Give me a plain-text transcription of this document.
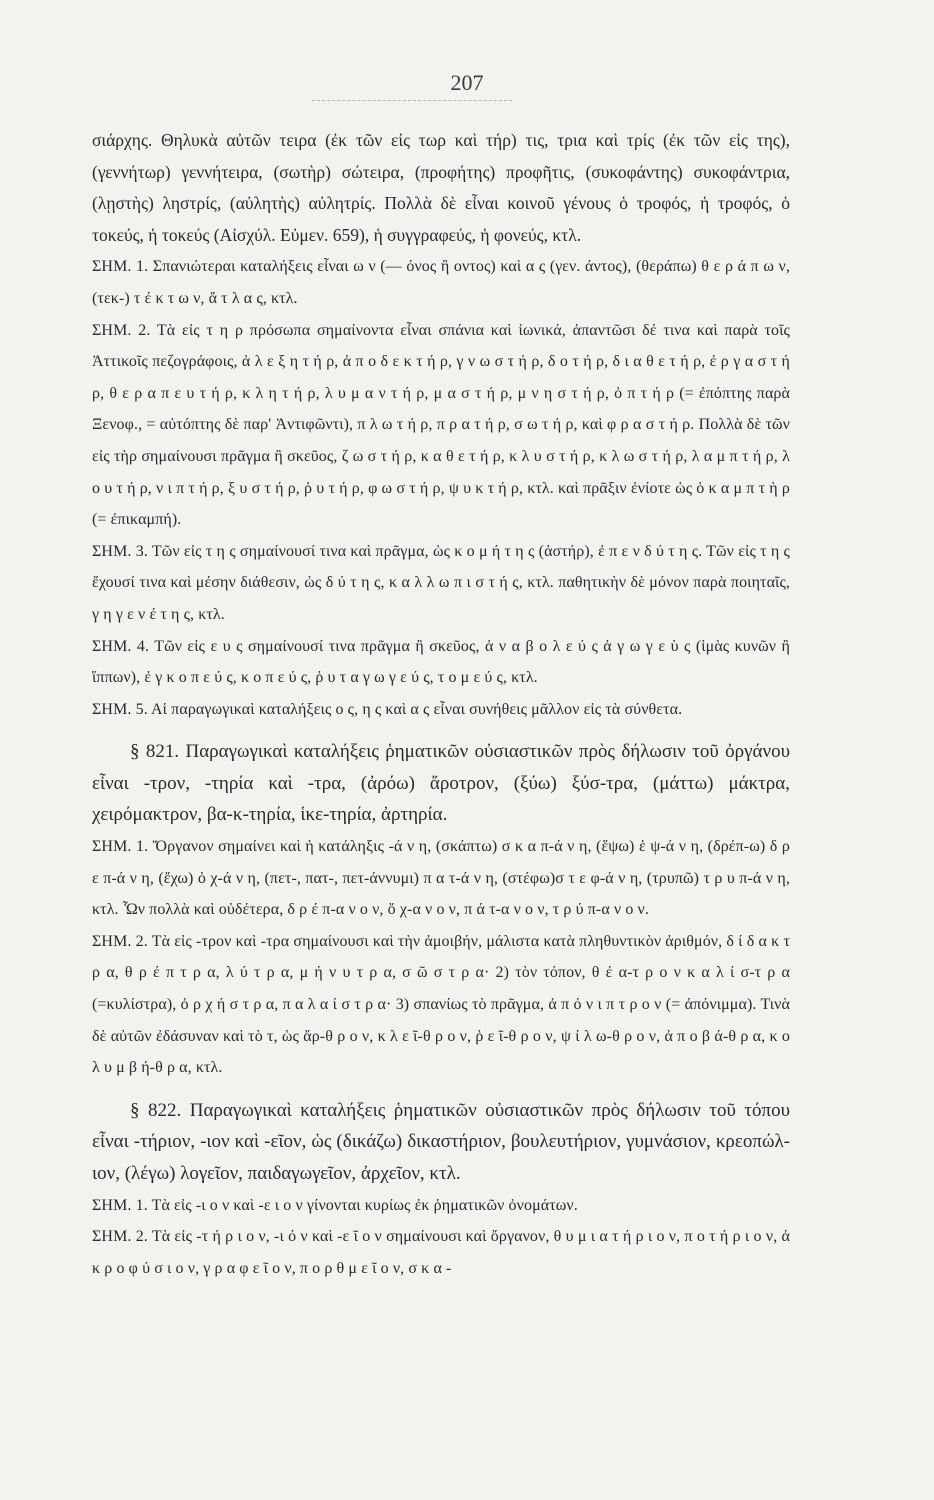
207

σιάρχης. Θηλυκὰ αὐτῶν τειρα (ἐκ τῶν εἰς τωρ καὶ τήρ) τις, τρια καὶ τρίς (ἐκ τῶν εἰς της), (γεννήτωρ) γεννήτειρα, (σωτὴρ) σώτειρα, (προφήτης) προφῆτις, (συκοφάντης) συκοφάντρια, (λῃστὴς) ληστρίς, (αὐλητὴς) αὐλητρίς. Πολλὰ δὲ εἶναι κοινοῦ γένους ὁ τροφός, ἡ τροφός, ὁ τοκεύς, ἡ τοκεύς (Αἰσχύλ. Εὐμεν. 659), ἡ συγγραφεύς, ἡ φονεύς, κτλ.

ΣΗΜ. 1. Σπανιώτεραι καταλήξεις εἶναι ω ν (— όνος ἢ οντος) καὶ α ς (γεν. άντος), (θεράπω) θ ε ρ ά π ω ν, (τεκ-) τ έ κ τ ω ν, ἄ τ λ α ς, κτλ.

ΣΗΜ. 2. Τὰ εἰς τ η ρ πρόσωπα σημαίνοντα εἶναι σπάνια καὶ ἰωνικά, ἀπαντῶσι δέ τινα καὶ παρὰ τοῖς Ἀττικοῖς πεζογράφοις, ἀ λ ε ξ η τ ή ρ, ἀ π ο δ ε κ τ ή ρ, γ ν ω σ τ ή ρ, δ ο τ ή ρ, δ ι α θ ε τ ή ρ, ἐ ρ γ α σ τ ή ρ, θ ε ρ α π ε υ τ ή ρ, κ λ η τ ή ρ, λ υ μ α ν τ ή ρ, μ α σ τ ή ρ, μ ν η σ τ ή ρ, ὀ π τ ή ρ (= ἐπόπτης παρὰ Ξενοφ., = αὐτόπτης δὲ παρ' Ἀντιφῶντι), π λ ω τ ή ρ, π ρ α τ ή ρ, σ ω τ ή ρ, καὶ φ ρ α σ τ ή ρ. Πολλὰ δὲ τῶν εἰς τὴρ σημαίνουσι πρᾶγμα ἢ σκεῦος, ζ ω σ τ ή ρ, κ α θ ε τ ή ρ, κ λ υ σ τ ή ρ, κ λ ω σ τ ή ρ, λ α μ π τ ή ρ, λ ο υ τ ή ρ, ν ι π τ ή ρ, ξ υ σ τ ή ρ, ῥ υ τ ή ρ, φ ω σ τ ή ρ, ψ υ κ τ ή ρ, κτλ. καὶ πρᾶξιν ἐνίοτε ὡς ὁ κ α μ π τ ὴ ρ (= ἐπικαμπή).

ΣΗΜ. 3. Τῶν εἰς τ η ς σημαίνουσί τινα καὶ πρᾶγμα, ὡς κ ο μ ή τ η ς (ἀστήρ), ἐ π ε ν δ ύ τ η ς. Τῶν εἰς τ η ς ἔχουσί τινα καὶ μέσην διάθεσιν, ὡς δ ύ τ η ς, κ α λ λ ω π ι σ τ ή ς, κτλ. παθητικὴν δὲ μόνον παρὰ ποιηταῖς, γ η γ ε ν έ τ η ς, κτλ.

ΣΗΜ. 4. Τῶν εἰς ε υ ς σημαίνουσί τινα πρᾶγμα ἢ σκεῦος, ἀ ν α β ο λ ε ύ ς ἀ γ ω γ ε ὺ ς (ἱμὰς κυνῶν ἢ ἵππων), ἐ γ κ ο π ε ύ ς, κ ο π ε ύ ς, ῥ υ τ α γ ω γ ε ύ ς, τ ο μ ε ύ ς, κτλ.

ΣΗΜ. 5. Αἱ παραγωγικαὶ καταλήξεις ο ς, η ς καὶ α ς εἶναι συνήθεις μᾶλλον εἰς τὰ σύνθετα.

§ 821. Παραγωγικαὶ καταλήξεις ῥηματικῶν οὐσιαστικῶν πρὸς δήλωσιν τοῦ ὀργάνου εἶναι -τρον, -τηρία καὶ -τρα, (ἀρόω) ἄροτρον, (ξύω) ξύσ-τρα, (μάττω) μάκτρα, χειρόμακτρον, βα-κ-τηρία, ἱκε-τηρία, ἀρτηρία.

ΣΗΜ. 1. Ὄργανον σημαίνει καὶ ἡ κατάληξις -ά ν η, (σκάπτω) σ κ α π-ά ν η, (ἕψω) ἑ ψ-ά ν η, (δρέπ-ω) δ ρ ε π-ά ν η, (ἔχω) ὀ χ-ά ν η, (πετ-, πατ-, πετ-άννυμι) π α τ-ά ν η, (στέφω)σ τ ε φ-ά ν η, (τρυπῶ) τ ρ υ π-ά ν η, κτλ. Ὧν πολλὰ καὶ οὐδέτερα, δ ρ έ π-α ν ο ν, ὄ χ-α ν ο ν, π ά τ-α ν ο ν, τ ρ ύ π-α ν ο ν.

ΣΗΜ. 2. Τὰ εἰς -τρον καὶ -τρα σημαίνουσι καὶ τὴν ἀμοιβήν, μάλιστα κατὰ πληθυντικὸν ἀριθμόν, δ ί δ α κ τ ρ α, θ ρ έ π τ ρ α, λ ύ τ ρ α, μ ή ν υ τ ρ α, σ ῶ σ τ ρ α· 2) τὸν τόπον, θ έ α-τ ρ ο ν κ α λ ί σ-τ ρ α (=κυλίστρα), ὀ ρ χ ή σ τ ρ α, π α λ α ί σ τ ρ α· 3) σπανίως τὸ πρᾶγμα, ἀ π ό ν ι π τ ρ ο ν (= ἀπόνιμμα). Τινὰ δὲ αὐτῶν ἐδάσυναν καὶ τὸ τ, ὡς ἄρ-θ ρ ο ν, κ λ ε ῖ-θ ρ ο ν, ῥ ε ῖ-θ ρ ο ν, ψ ί λ ω-θ ρ ο ν, ἀ π ο β ά-θ ρ α, κ ο λ υ μ β ή-θ ρ α, κτλ.

§ 822. Παραγωγικαὶ καταλήξεις ῥηματικῶν οὐσιαστικῶν πρὸς δήλωσιν τοῦ τόπου εἶναι -τήριον, -ιον καὶ -εῖον, ὡς (δικάζω) δικαστήριον, βουλευτήριον, γυμνάσιον, κρεοπώλ-ιον, (λέγω) λογεῖον, παιδαγωγεῖον, ἀρχεῖον, κτλ.

ΣΗΜ. 1. Τὰ εἰς -ι ο ν καὶ -ε ι ο ν γίνονται κυρίως ἐκ ῥηματικῶν ὀνομάτων.

ΣΗΜ. 2. Τὰ εἰς -τ ή ρ ι ο ν, -ι ό ν καὶ -ε ῖ ο ν σημαίνουσι καὶ ὄργανον, θ υ μ ι α τ ή ρ ι ο ν, π ο τ ή ρ ι ο ν, ἀ κ ρ ο φ ύ σ ι ο ν, γ ρ α φ ε ῖ ο ν, π ο ρ θ μ ε ῖ ο ν, σ κ α -
